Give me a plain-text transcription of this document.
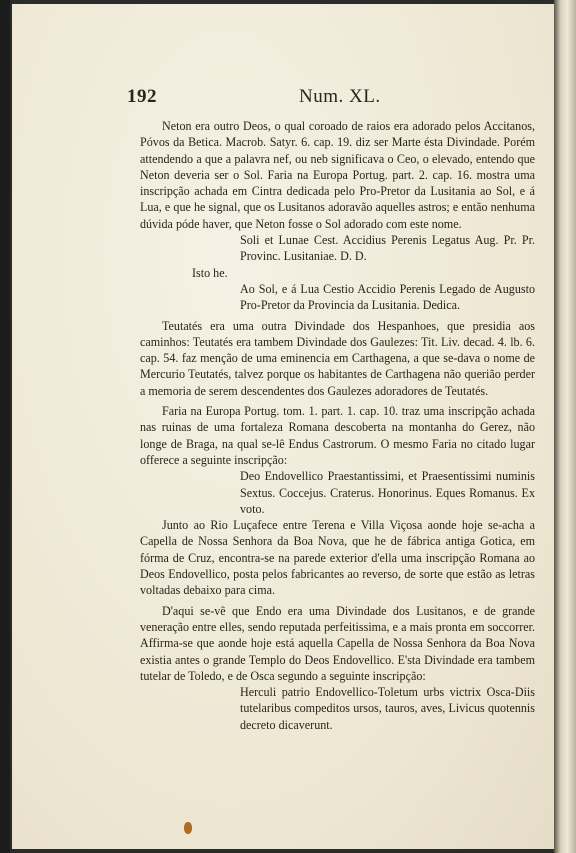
192	Num. XL.

Neton era outro Deos, o qual coroado de raios era adorado pelos Accitanos, Póvos da Betica. Macrob. Satyr. 6. cap. 19. diz ser Marte ésta Divindade. Porém attendendo a que a palavra nef, ou neb significava o Ceo, o elevado, entendo que Neton deveria ser o Sol. Faria na Europa Portug. part. 2. cap. 16. mostra uma inscripção achada em Cintra dedicada pelo Pro-Pretor da Lusitania ao Sol, e á Lua, e que he signal, que os Lusitanos adoravão aquelles astros; e então nenhuma dúvida póde haver, que Neton fosse o Sol adorado com este nome.

Soli et Lunae Cest. Accidius Perenis Legatus Aug. Pr. Pr. Provinc. Lusitaniae. D. D.

Isto he.

Ao Sol, e á Lua Cestio Accidio Perenis Legado de Augusto Pro-Pretor da Provincia da Lusitania. Dedica.

Teutatés era uma outra Divindade dos Hespanhoes, que presidia aos caminhos: Teutatés era tambem Divindade dos Gaulezes: Tit. Liv. decad. 4. lb. 6. cap. 54. faz menção de uma eminencia em Carthagena, a que se-dava o nome de Mercurio Teutatés, talvez porque os habitantes de Carthagena não querião perder a memoria de serem descendentes dos Gaulezes adoradores de Teutatés.

Faria na Europa Portug. tom. 1. part. 1. cap. 10. traz uma inscripção achada nas ruinas de uma fortaleza Romana descoberta na montanha do Gerez, não longe de Braga, na qual se-lê Endus Castrorum. O mesmo Faria no citado lugar offerece a seguinte inscripção:

Deo Endovellico Praestantissimi, et Praesentissimi numinis Sextus. Coccejus. Craterus. Honorinus. Eques Romanus. Ex voto.

Junto ao Rio Luçafece entre Terena e Villa Viçosa aonde hoje se-acha a Capella de Nossa Senhora da Boa Nova, que he de fábrica antiga Gotica, em fórma de Cruz, encontra-se na parede exterior d'ella uma inscripção Romana ao Deos Endovellico, posta pelos fabricantes ao reverso, de sorte que estão as letras voltadas debaixo para cima.

D'aqui se-vê que Endo era uma Divindade dos Lusitanos, e de grande veneração entre elles, sendo reputada perfeitissima, e a mais pronta em soccorrer. Affirma-se que aonde hoje está aquella Capella de Nossa Senhora da Boa Nova existia antes o grande Templo do Deos Endovellico. E'sta Divindade era tambem tutelar de Toledo, e de Osca segundo a seguinte inscripção:

Herculi patrio Endovellico-Toletum urbs victrix Osca-Diis tutelaribus compeditos ursos, tauros, aves, Livicus quotennis decreto dicaverunt.
